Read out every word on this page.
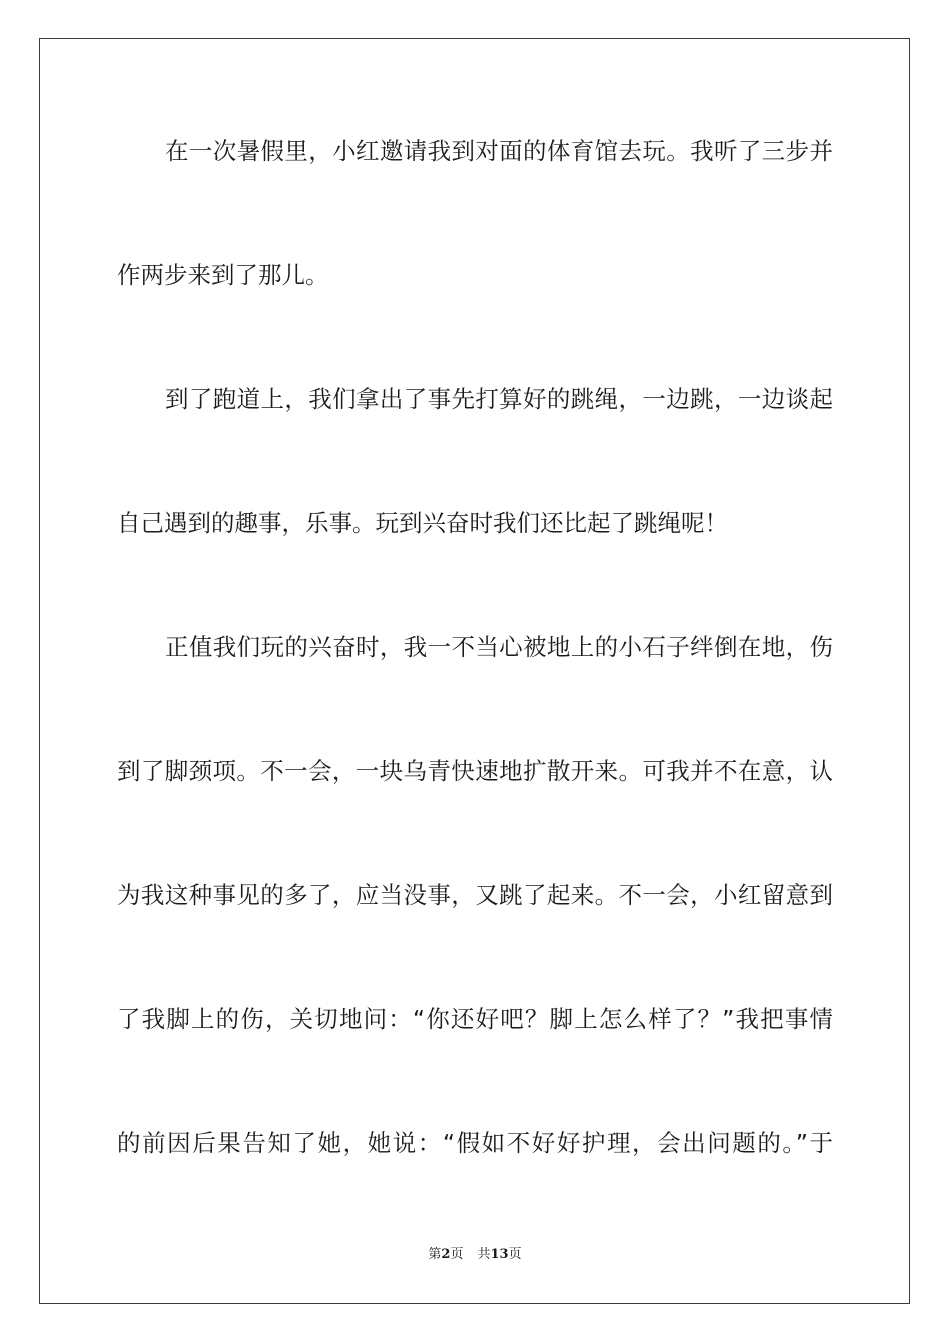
在一次暑假里，小红邀请我到对面的体育馆去玩。我听了三步并
作两步来到了那儿。
到了跑道上，我们拿出了事先打算好的跳绳，一边跳，一边谈起
自己遇到的趣事，乐事。玩到兴奋时我们还比起了跳绳呢！
正值我们玩的兴奋时，我一不当心被地上的小石子绊倒在地，伤
到了脚颈项。不一会，一块乌青快速地扩散开来。可我并不在意，认
为我这种事见的多了，应当没事，又跳了起来。不一会，小红留意到
了我脚上的伤，关切地问：“你还好吧？脚上怎么样了？”我把事情
的前因后果告知了她，她说：“假如不好好护理，会出问题的。”于
第2页 共13页
